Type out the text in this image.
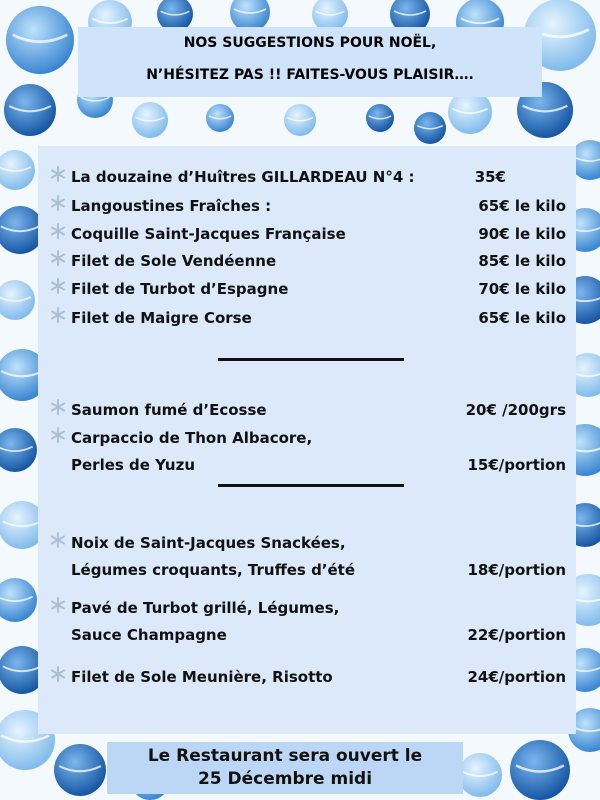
NOS SUGGESTIONS POUR NOËL,
N’HÉSITEZ PAS !! FAITES-VOUS PLAISIR….
La douzaine d’Huîtres GILLARDEAU N°4 :	35€
Langoustines Fraîches :	65€ le kilo
Coquille Saint-Jacques Française	90€ le kilo
Filet de Sole Vendéenne	85€ le kilo
Filet de Turbot d’Espagne	70€ le kilo
Filet de Maigre Corse	65€ le kilo
Saumon fumé d’Ecosse	20€ /200grs
Carpaccio de Thon Albacore,
Perles de Yuzu	15€/portion
Noix de Saint-Jacques Snackées,
Légumes croquants, Truffes d’été	18€/portion
Pavé de Turbot grillé, Légumes,
Sauce Champagne	22€/portion
Filet de Sole Meunière, Risotto	24€/portion
Le Restaurant sera ouvert le
25 Décembre midi
